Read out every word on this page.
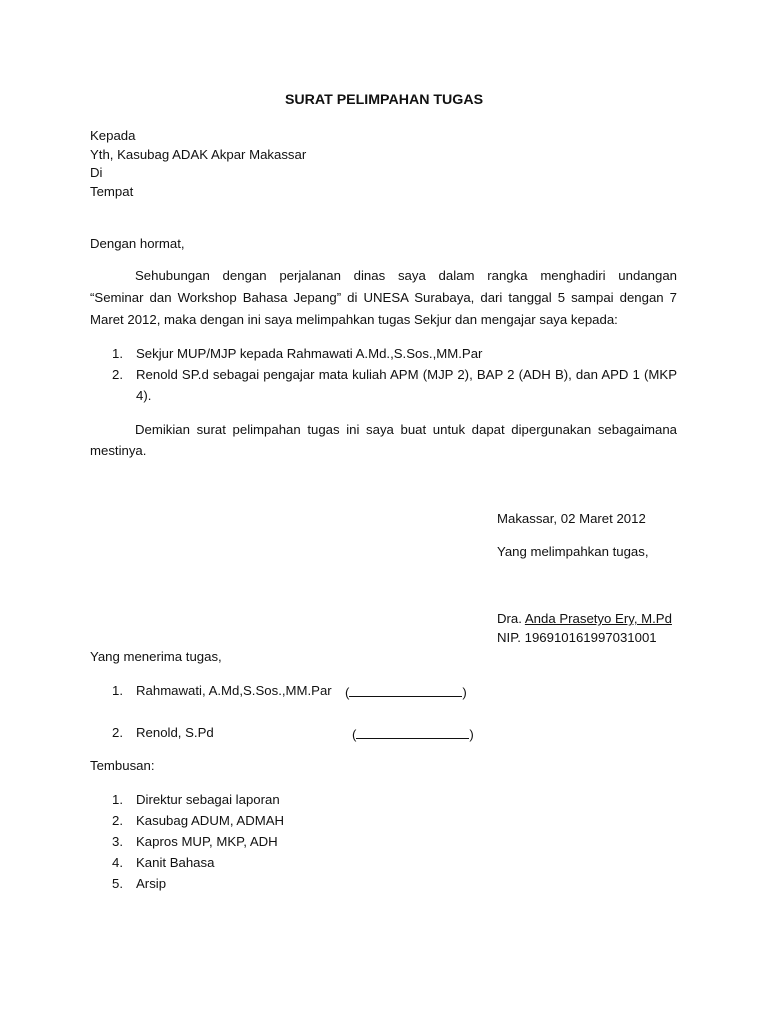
SURAT PELIMPAHAN TUGAS
Kepada
Yth, Kasubag ADAK Akpar Makassar
Di
Tempat
Dengan hormat,
Sehubungan dengan perjalanan dinas saya dalam rangka menghadiri undangan
“Seminar dan Workshop Bahasa Jepang” di UNESA Surabaya, dari tanggal 5 sampai dengan 7
Maret 2012, maka dengan ini saya melimpahkan tugas Sekjur dan mengajar saya kepada:
1. Sekjur MUP/MJP kepada Rahmawati A.Md.,S.Sos.,MM.Par
2. Renold SP.d sebagai pengajar mata kuliah APM (MJP 2), BAP 2 (ADH B), dan APD 1 (MKP
4).
Demikian surat pelimpahan tugas ini saya buat untuk dapat dipergunakan sebagaimana
mestinya.
Makassar, 02 Maret 2012
Yang melimpahkan tugas,
Dra. Anda Prasetyo Ery, M.Pd
NIP. 196910161997031001
Yang menerima tugas,
1. Rahmawati, A.Md,S.Sos.,MM.Par (	)
2. Renold, S.Pd	(	)
Tembusan:
1. Direktur sebagai laporan
2. Kasubag ADUM, ADMAH
3. Kapros MUP, MKP, ADH
4. Kanit Bahasa
5. Arsip
